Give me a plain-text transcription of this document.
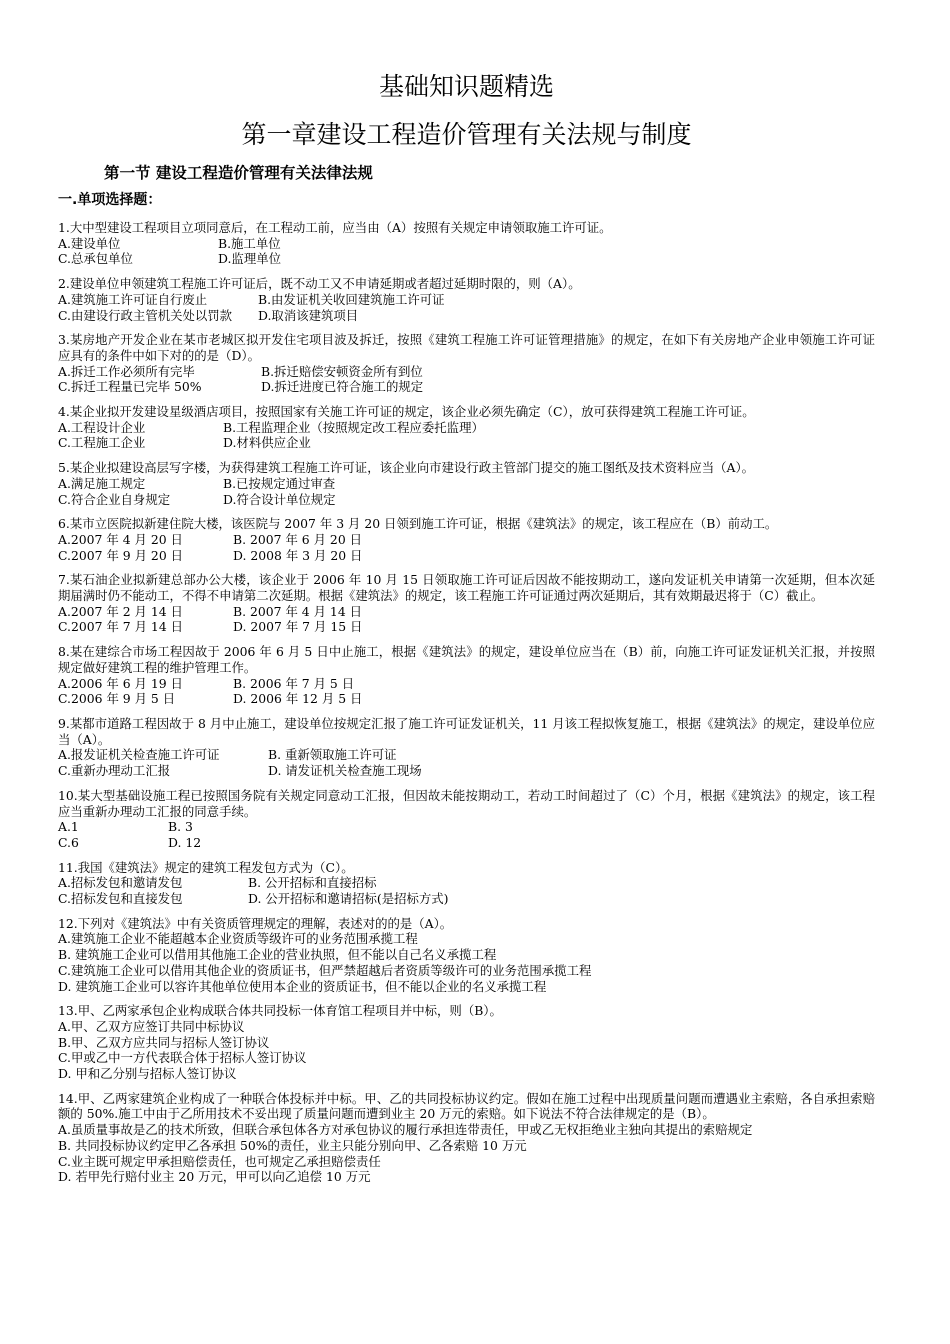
基础知识题精选
第一章建设工程造价管理有关法规与制度
第一节 建设工程造价管理有关法律法规
一.单项选择题：

1.大中型建设工程项目立项同意后，在工程动工前，应当由（A）按照有关规定申请领取施工许可证。

A.建设单位	B.施工单位
C.总承包单位	D.监理单位

2.建设单位申领建筑工程施工许可证后，既不动工又不申请延期或者超过延期时限的，则（A）。

A.建筑施工许可证自行废止	B.由发证机关收回建筑施工许可证
C.由建设行政主管机关处以罚款	D.取消该建筑项目

3.某房地产开发企业在某市老城区拟开发住宅项目波及拆迁，按照《建筑工程施工许可证管理措施》的规定，在如下有关房地产企业申领施工许可证应具有的条件中如下对的的是（D）。

A.拆迁工作必须所有完毕	B.拆迁赔偿安顿资金所有到位
C.拆迁工程量已完毕 50%	D.拆迁进度已符合施工的规定

4.某企业拟开发建设星级酒店项目，按照国家有关施工许可证的规定，该企业必须先确定（C），放可获得建筑工程施工许可证。

A.工程设计企业	B.工程监理企业（按照规定改工程应委托监理）
C.工程施工企业	D.材料供应企业

5.某企业拟建设高层写字楼，为获得建筑工程施工许可证，该企业向市建设行政主管部门提交的施工图纸及技术资料应当（A）。

A.满足施工规定	B.已按规定通过审查
C.符合企业自身规定	D.符合设计单位规定

6.某市立医院拟新建住院大楼，该医院与 2007 年 3 月 20 日领到施工许可证，根据《建筑法》的规定，该工程应在（B）前动工。

A.2007 年 4 月 20 日	B. 2007 年 6 月 20 日
C.2007 年 9 月 20 日	D. 2008 年 3 月 20 日

7.某石油企业拟新建总部办公大楼，该企业于 2006 年 10 月 15 日领取施工许可证后因故不能按期动工，遂向发证机关申请第一次延期，但本次延期届满时仍不能动工，不得不申请第二次延期。根据《建筑法》的规定，该工程施工许可证通过两次延期后，其有效期最迟将于（C）截止。

A.2007 年 2 月 14 日	B. 2007 年 4 月 14 日
C.2007 年 7 月 14 日	D. 2007 年 7 月 15 日

8.某在建综合市场工程因故于 2006 年 6 月 5 日中止施工，根据《建筑法》的规定，建设单位应当在（B）前，向施工许可证发证机关汇报，并按照规定做好建筑工程的维护管理工作。

A.2006 年 6 月 19 日	B. 2006 年 7 月 5 日
C.2006 年 9 月 5 日	D. 2006 年 12 月 5 日

9.某都市道路工程因故于 8 月中止施工，建设单位按规定汇报了施工许可证发证机关，11 月该工程拟恢复施工，根据《建筑法》的规定，建设单位应当（A）。

A.报发证机关检查施工许可证	B. 重新领取施工许可证
C.重新办理动工汇报	D. 请发证机关检查施工现场

10.某大型基础设施工程已按照国务院有关规定同意动工汇报，但因故未能按期动工，若动工时间超过了（C）个月，根据《建筑法》的规定，该工程应当重新办理动工汇报的同意手续。

A.1	B. 3
C.6	D. 12

11.我国《建筑法》规定的建筑工程发包方式为（C）。

A.招标发包和邀请发包	B. 公开招标和直接招标
C.招标发包和直接发包	D. 公开招标和邀请招标(是招标方式)

12.下列对《建筑法》中有关资质管理规定的理解，表述对的的是（A）。

A.建筑施工企业不能超越本企业资质等级许可的业务范围承揽工程

B. 建筑施工企业可以借用其他施工企业的营业执照，但不能以自己名义承揽工程

C.建筑施工企业可以借用其他企业的资质证书，但严禁超越后者资质等级许可的业务范围承揽工程

D. 建筑施工企业可以容许其他单位使用本企业的资质证书，但不能以企业的名义承揽工程

13.甲、乙两家承包企业构成联合体共同投标一体育馆工程项目并中标，则（B）。

A.甲、乙双方应签订共同中标协议

B.甲、乙双方应共同与招标人签订协议

C.甲或乙中一方代表联合体于招标人签订协议

D. 甲和乙分别与招标人签订协议

14.甲、乙两家建筑企业构成了一种联合体投标并中标。甲、乙的共同投标协议约定。假如在施工过程中出现质量问题而遭遇业主索赔，各自承担索赔额的 50%.施工中由于乙所用技术不妥出现了质量问题而遭到业主 20 万元的索赔。如下说法不符合法律规定的是（B）。

A.虽质量事故是乙的技术所致，但联合承包体各方对承包协议的履行承担连带责任，甲或乙无权拒绝业主独向其提出的索赔规定

B. 共同投标协议约定甲乙各承担 50%的责任，业主只能分别向甲、乙各索赔 10 万元

C.业主既可规定甲承担赔偿责任，也可规定乙承担赔偿责任

D. 若甲先行赔付业主 20 万元，甲可以向乙追偿 10 万元
